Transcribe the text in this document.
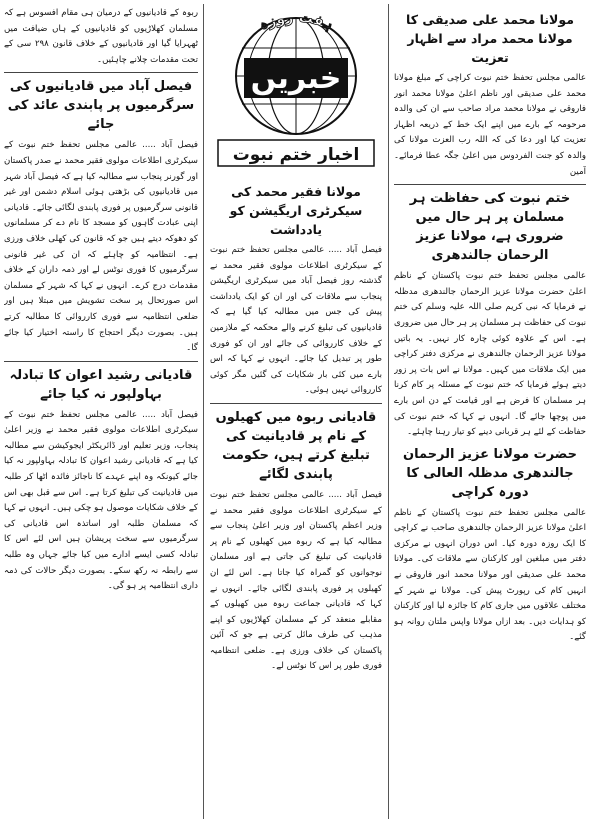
مولانا محمد علی صدیقی کا مولانا محمد مراد سے اظہار تعزیت

عالمی مجلس تحفظ ختم نبوت کراچی کے مبلغ مولانا محمد علی صدیقی اور ناظم اعلیٰ مولانا محمد انور فاروقی نے مولانا محمد مراد صاحب سے ان کی والدہ مرحومہ کے بارے میں اپنے ایک خط کے ذریعہ اظہار تعزیت کیا اور دعا کی کہ اللہ رب العزت مولانا کی والدہ کو جنت الفردوس میں اعلیٰ جگہ عطا فرمائے۔ آمین

ختم نبوت کی حفاظت ہر مسلمان پر ہر حال میں ضروری ہے، مولانا عزیز الرحمان جالندھری

عالمی مجلس تحفظ ختم نبوت پاکستان کے ناظم اعلیٰ حضرت مولانا عزیز الرحمان جالندھری مدظلہ نے فرمایا کہ نبی کریم صلی اللہ علیہ وسلم کی ختم نبوت کی حفاظت ہر مسلمان پر ہر حال میں ضروری ہے۔ اس کے علاوہ کوئی چارہ کار نہیں۔ یہ باتیں مولانا عزیز الرحمان جالندھری نے مرکزی دفتر کراچی میں ایک ملاقات میں کہیں۔ مولانا نے اس بات پر زور دیتے ہوئے فرمایا کہ ختم نبوت کے مسئلہ پر کام کرنا ہر مسلمان کا فرض ہے اور قیامت کے دن اس بارے میں پوچھا جائے گا۔ انہوں نے کہا کہ ختم نبوت کی حفاظت کے لئے ہر قربانی دینے کو تیار رہنا چاہئے۔

حضرت مولانا عزیز الرحمان جالندھری مدظلہ العالی کا دورہ کراچی

عالمی مجلس تحفظ ختم نبوت پاکستان کے ناظم اعلیٰ مولانا عزیز الرحمان جالندھری صاحب نے کراچی کا ایک روزہ دورہ کیا۔ اس دوران انہوں نے مرکزی دفتر میں مبلغین اور کارکنان سے ملاقات کی۔ مولانا محمد علی صدیقی اور مولانا محمد انور فاروقی نے انہیں کام کی رپورٹ پیش کی۔ مولانا نے شہر کے مختلف علاقوں میں جاری کام کا جائزہ لیا اور کارکنان کو ہدایات دیں۔ بعد ازاں مولانا واپس ملتان روانہ ہو گئے۔

مولانا فقیر محمد کی سیکرٹری اریگیشن کو یادداشت

فیصل آباد ..... عالمی مجلس تحفظ ختم نبوت کے سیکرٹری اطلاعات مولوی فقیر محمد نے گذشتہ روز فیصل آباد میں سیکرٹری اریگیشن پنجاب سے ملاقات کی اور ان کو ایک یادداشت پیش کی جس میں مطالبہ کیا گیا ہے کہ قادیانیوں کی تبلیغ کرنے والے محکمہ کے ملازمین کے خلاف کارروائی کی جائے اور ان کو فوری طور پر تبدیل کیا جائے۔ انہوں نے کہا کہ اس بارے میں کئی بار شکایات کی گئیں مگر کوئی کارروائی نہیں ہوئی۔

قادیانی ربوہ میں کھیلوں کے نام پر قادیانیت کی تبلیغ کرتے ہیں، حکومت پابندی لگائے

فیصل آباد ..... عالمی مجلس تحفظ ختم نبوت کے سیکرٹری اطلاعات مولوی فقیر محمد نے وزیر اعظم پاکستان اور وزیر اعلیٰ پنجاب سے مطالبہ کیا ہے کہ ربوہ میں کھیلوں کے نام پر قادیانیت کی تبلیغ کی جاتی ہے اور مسلمان نوجوانوں کو گمراہ کیا جاتا ہے۔ اس لئے ان کھیلوں پر فوری پابندی لگائی جائے۔ انہوں نے کہا کہ قادیانی جماعت ربوہ میں کھیلوں کے مقابلے منعقد کر کے مسلمان کھلاڑیوں کو اپنے مذہب کی طرف مائل کرتی ہے جو کہ آئین پاکستان کی خلاف ورزی ہے۔ ضلعی انتظامیہ فوری طور پر اس کا نوٹس لے۔

ہفت روزہ
خبریں
اخبار ختم نبوت

ربوہ کے قادیانیوں کے درمیان ہی مقام افسوس ہے کہ مسلمان کھلاڑیوں کو قادیانیوں کے ہاں ضیافت میں ٹھہرایا گیا اور قادیانیوں کے خلاف قانون ۲۹۸ سی کے تحت مقدمات چلانے چاہئیں۔

فیصل آباد میں قادیانیوں کی سرگرمیوں پر پابندی عائد کی جائے

فیصل آباد ..... عالمی مجلس تحفظ ختم نبوت کے سیکرٹری اطلاعات مولوی فقیر محمد نے صدر پاکستان اور گورنر پنجاب سے مطالبہ کیا ہے کہ فیصل آباد شہر میں قادیانیوں کی بڑھتی ہوئی اسلام دشمن اور غیر قانونی سرگرمیوں پر فوری پابندی لگائی جائے۔ قادیانی اپنی عبادت گاہوں کو مسجد کا نام دے کر مسلمانوں کو دھوکہ دیتے ہیں جو کہ قانون کی کھلی خلاف ورزی ہے۔ انتظامیہ کو چاہئے کہ ان کی غیر قانونی سرگرمیوں کا فوری نوٹس لے اور ذمہ داران کے خلاف مقدمات درج کرے۔ انہوں نے کہا کہ شہر کے مسلمان اس صورتحال پر سخت تشویش میں مبتلا ہیں اور ضلعی انتظامیہ سے فوری کارروائی کا مطالبہ کرتے ہیں۔ بصورت دیگر احتجاج کا راستہ اختیار کیا جائے گا۔

قادیانی رشید اعوان کا تبادلہ بہاولپور نہ کیا جائے

فیصل آباد ..... عالمی مجلس تحفظ ختم نبوت کے سیکرٹری اطلاعات مولوی فقیر محمد نے وزیر اعلیٰ پنجاب، وزیر تعلیم اور ڈائریکٹر ایجوکیشن سے مطالبہ کیا ہے کہ قادیانی رشید اعوان کا تبادلہ بہاولپور نہ کیا جائے کیونکہ وہ اپنے عہدے کا ناجائز فائدہ اٹھا کر طلبہ میں قادیانیت کی تبلیغ کرتا ہے۔ اس سے قبل بھی اس کے خلاف شکایات موصول ہو چکی ہیں۔ انہوں نے کہا کہ مسلمان طلبہ اور اساتذہ اس قادیانی کی سرگرمیوں سے سخت پریشان ہیں اس لئے اس کا تبادلہ کسی ایسے ادارے میں کیا جائے جہاں وہ طلبہ سے رابطہ نہ رکھ سکے۔ بصورت دیگر حالات کی ذمہ داری انتظامیہ پر ہو گی۔
